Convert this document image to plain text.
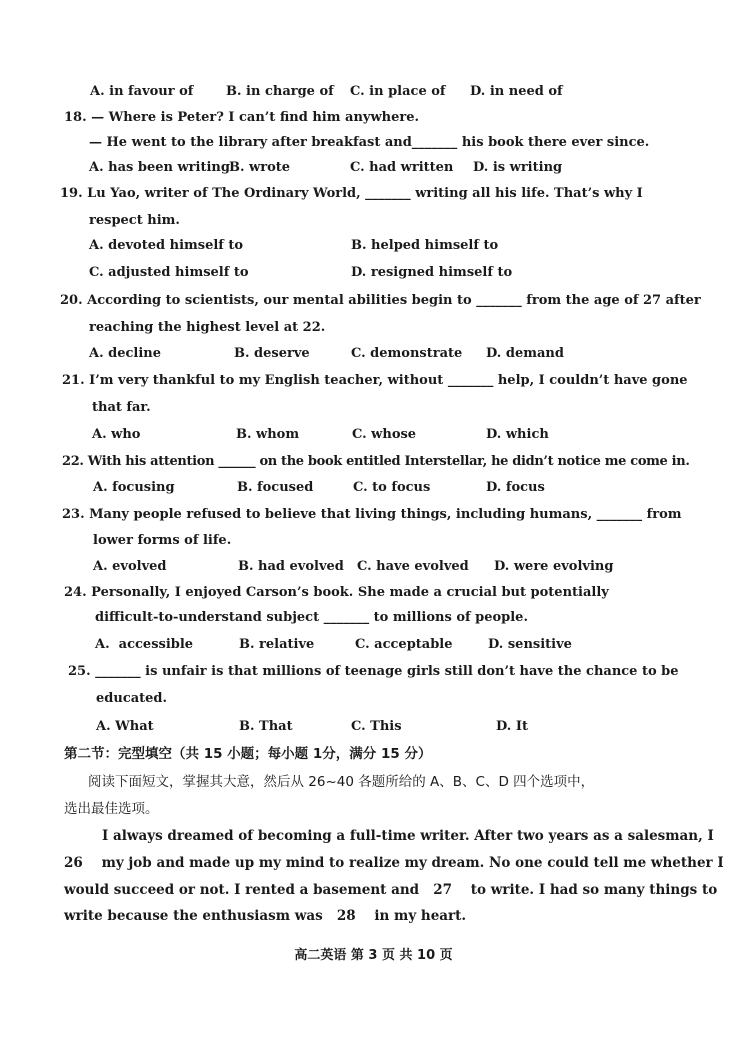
A. in favour of	B. in charge of C. in place of D. in need of
18. — Where is Peter? I can’t find him anywhere.
— He went to the library after breakfast and_______ his book there ever since.
A. has been writing B. wrote	C. had written D. is writing
19. Lu Yao, writer of The Ordinary World, _______ writing all his life. That’s why I
respect him.
A. devoted himself to	B. helped himself to
C. adjusted himself to	D. resigned himself to
20. According to scientists, our mental abilities begin to _______ from the age of 27 after
reaching the highest level at 22.
A. decline	B. deserve	C. demonstrate D. demand
21. I’m very thankful to my English teacher, without _______ help, I couldn’t have gone
that far.
A. who	B. whom	C. whose	D. which
22. With his attention ______ on the book entitled Interstellar, he didn’t notice me come in.
A. focusing	B. focused	C. to focus	D. focus
23. Many people refused to believe that living things, including humans, _______ from
lower forms of life.
A. evolved	B. had evolved C. have evolved D. were evolving
24. Personally, I enjoyed Carson’s book. She made a crucial but potentially
difficult-to-understand subject _______ to millions of people.
A.  accessible	B. relative	C. acceptable	D. sensitive
25. _______ is unfair is that millions of teenage girls still don’t have the chance to be
educated.
A. What	B. That	C. This	D. It
第二节：完型填空（共 15 小题；每小题 1分，满分 15 分）
阅读下面短文，掌握其大意，然后从 26~40 各题所给的 A、B、C、D 四个选项中，
选出最佳选项。
I always dreamed of becoming a full-time writer. After two years as a salesman, I
26    my job and made up my mind to realize my dream. No one could tell me whether I
would succeed or not. I rented a basement and   27    to write. I had so many things to
write because the enthusiasm was   28    in my heart.
高二英语 第 3 页 共 10 页
